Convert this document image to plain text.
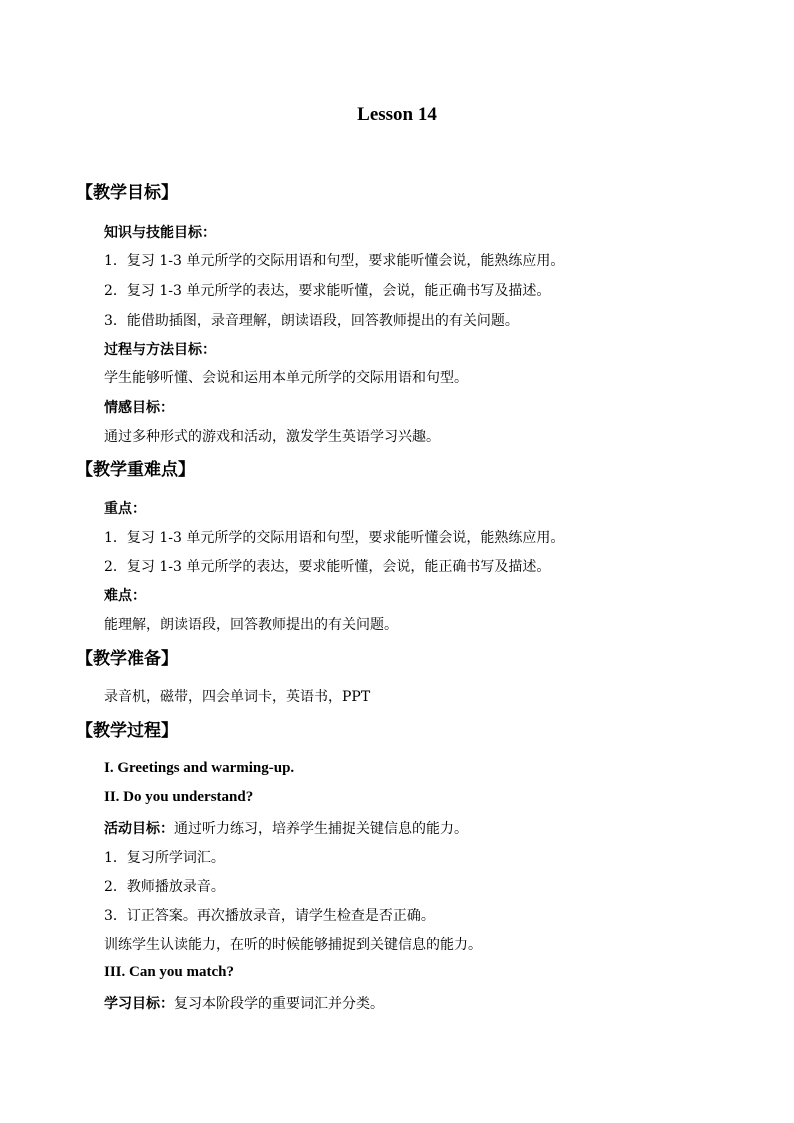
Lesson 14
【教学目标】
知识与技能目标：
1．复习 1-3 单元所学的交际用语和句型，要求能听懂会说，能熟练应用。
2．复习 1-3 单元所学的表达，要求能听懂，会说，能正确书写及描述。
3．能借助插图，录音理解，朗读语段，回答教师提出的有关问题。
过程与方法目标：
学生能够听懂、会说和运用本单元所学的交际用语和句型。
情感目标：
通过多种形式的游戏和活动，激发学生英语学习兴趣。
【教学重难点】
重点：
1．复习 1-3 单元所学的交际用语和句型，要求能听懂会说，能熟练应用。
2．复习 1-3 单元所学的表达，要求能听懂，会说，能正确书写及描述。
难点：
能理解，朗读语段，回答教师提出的有关问题。
【教学准备】
录音机，磁带，四会单词卡，英语书，PPT
【教学过程】
I. Greetings and warming-up.
II. Do you understand?
活动目标：通过听力练习，培养学生捕捉关键信息的能力。
1．复习所学词汇。
2．教师播放录音。
3．订正答案。再次播放录音，请学生检查是否正确。
训练学生认读能力，在听的时候能够捕捉到关键信息的能力。
III. Can you match?
学习目标：复习本阶段学的重要词汇并分类。
